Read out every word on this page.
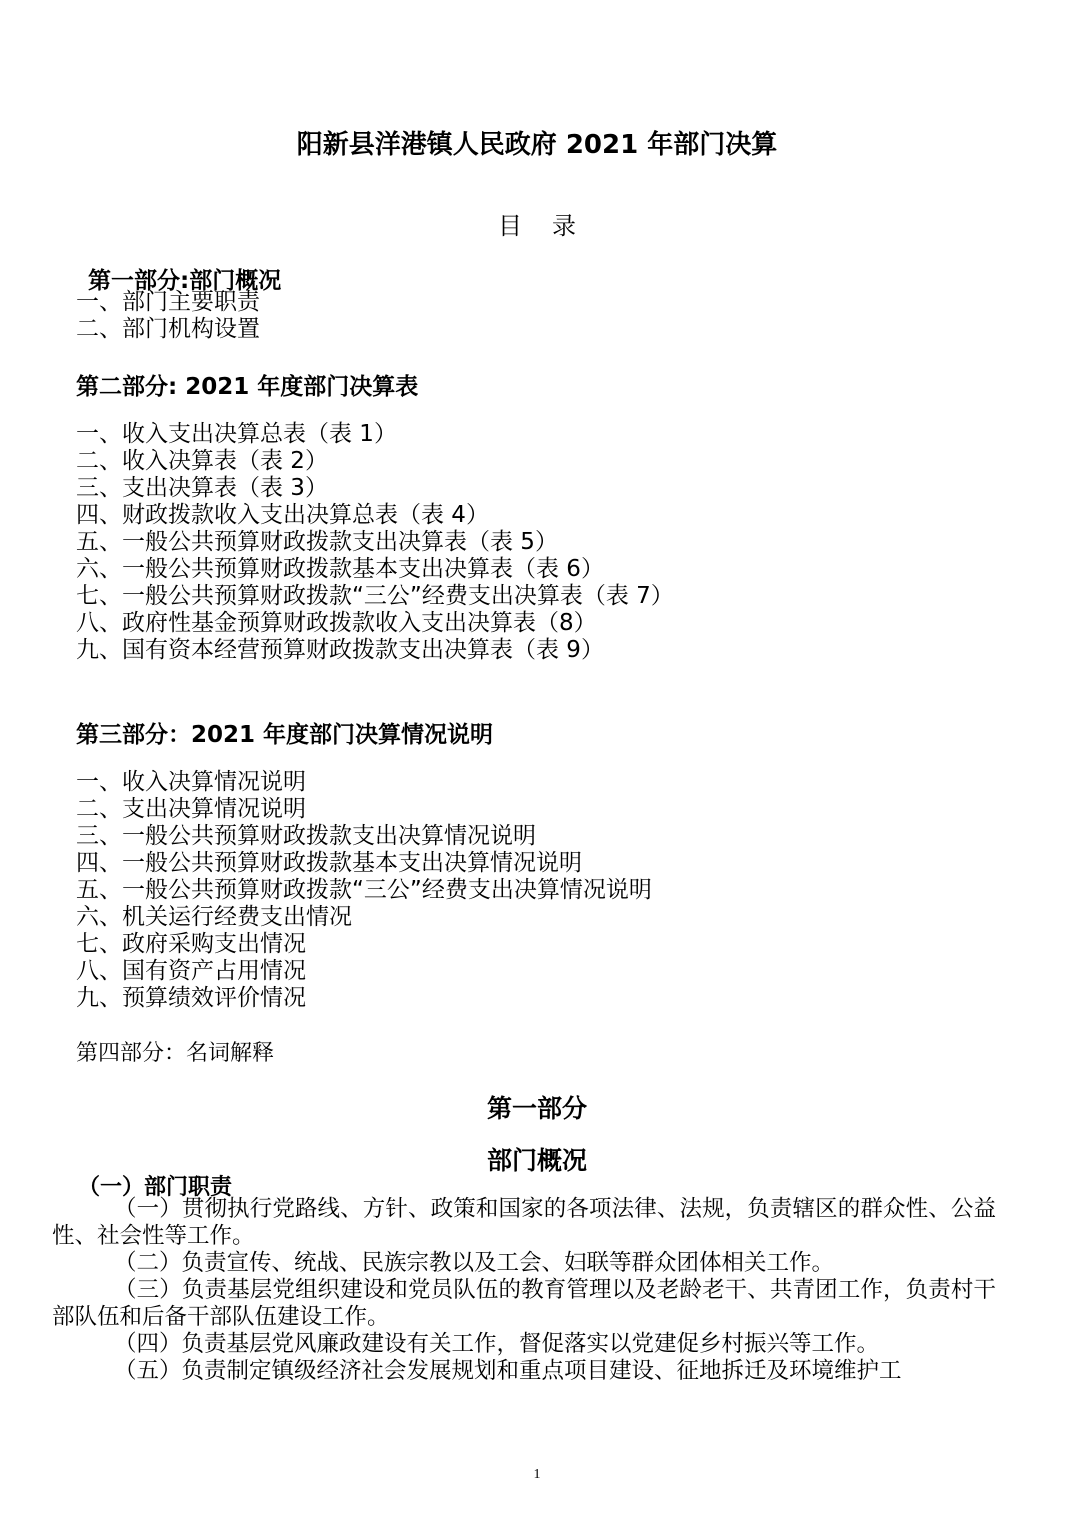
阳新县洋港镇人民政府 2021 年部门决算
目录
第一部分:部门概况
一、部门主要职责
二、部门机构设置
第二部分: 2021 年度部门决算表
一、收入支出决算总表（表 1）
二、收入决算表（表 2）
三、支出决算表（表 3）
四、财政拨款收入支出决算总表（表 4）
五、一般公共预算财政拨款支出决算表（表 5）
六、一般公共预算财政拨款基本支出决算表（表 6）
七、一般公共预算财政拨款“三公”经费支出决算表（表 7）
八、政府性基金预算财政拨款收入支出决算表（8）
九、国有资本经营预算财政拨款支出决算表（表 9）
第三部分：2021 年度部门决算情况说明
一、收入决算情况说明
二、支出决算情况说明
三、一般公共预算财政拨款支出决算情况说明
四、一般公共预算财政拨款基本支出决算情况说明
五、一般公共预算财政拨款“三公”经费支出决算情况说明
六、机关运行经费支出情况
七、政府采购支出情况
八、国有资产占用情况
九、预算绩效评价情况
第四部分：名词解释
第一部分
部门概况
（一）部门职责

（一）贯彻执行党路线、方针、政策和国家的各项法律、法规，负责辖区的群众性、公益性、社会性等工作。

（二）负责宣传、统战、民族宗教以及工会、妇联等群众团体相关工作。

（三）负责基层党组织建设和党员队伍的教育管理以及老龄老干、共青团工作，负责村干部队伍和后备干部队伍建设工作。

（四）负责基层党风廉政建设有关工作，督促落实以党建促乡村振兴等工作。

（五）负责制定镇级经济社会发展规划和重点项目建设、征地拆迁及环境维护工

1
